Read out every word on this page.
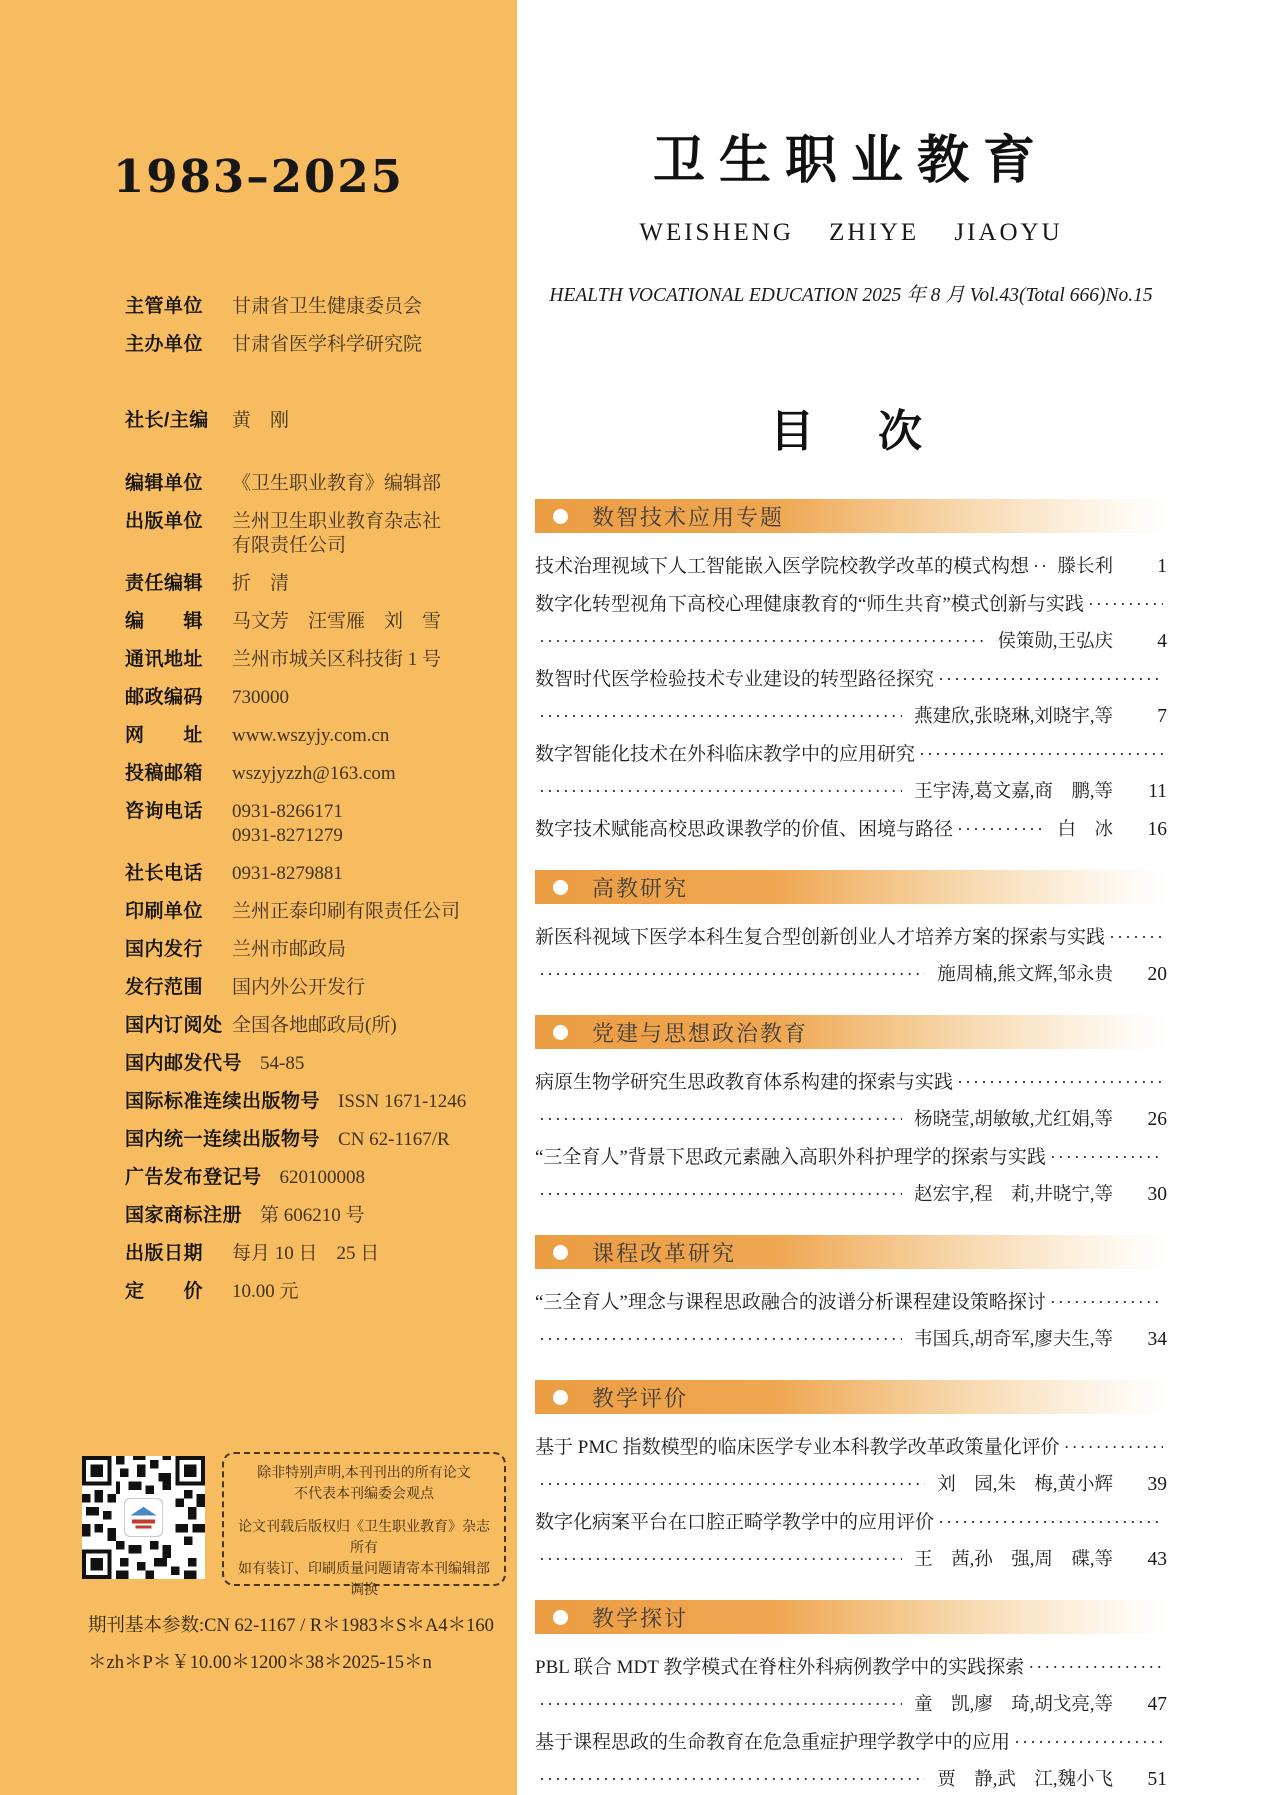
1983–2025
主管单位 甘肃省卫生健康委员会
主办单位 甘肃省医学科学研究院
社长/主编 黄　刚
编辑单位 《卫生职业教育》编辑部
出版单位 兰州卫生职业教育杂志社
有限责任公司
责任编辑 折　清
编　　辑 马文芳　汪雪雁　刘　雪
通讯地址 兰州市城关区科技街 1 号
邮政编码 730000
网　　址 www.wszyjy.com.cn
投稿邮箱 wszyjyzzh@163.com
咨询电话 0931-8266171
0931-8271279
社长电话 0931-8279881
印刷单位 兰州正泰印刷有限责任公司
国内发行 兰州市邮政局
发行范围 国内外公开发行
国内订阅处 全国各地邮政局(所)
国内邮发代号 54-85
国际标准连续出版物号 ISSN 1671-1246
国内统一连续出版物号 CN 62-1167/R
广告发布登记号 620100008
国家商标注册 第 606210 号
出版日期 每月 10 日　25 日
定　　价 10.00 元
除非特别声明,本刊刊出的所有论文
不代表本刊编委会观点
论文刊载后版权归《卫生职业教育》杂志所有
如有装订、印刷质量问题请寄本刊编辑部调换
期刊基本参数:CN 62-1167 / R＊1983＊S＊A4＊160
＊zh＊P＊￥10.00＊1200＊38＊2025-15＊n
卫生职业教育
WEISHENG ZHIYE JIAOYU
HEALTH VOCATIONAL EDUCATION 2025 年 8 月 Vol.43(Total 666)No.15
目　次
数智技术应用专题
技术治理视域下人工智能嵌入医学院校教学改革的模式构想 ····· 滕长利	1
数字化转型视角下高校心理健康教育的“师生共育”模式创新与实践
·····
·····
侯策勋,王弘庆	4
数智时代医学检验技术专业建设的转型路径探究
·····
·····
燕建欣,张晓琳,刘晓宇,等	7
数字智能化技术在外科临床教学中的应用研究
·····
·····
王宇涛,葛文嘉,商　鹏,等	11
数字技术赋能高校思政课教学的价值、困境与路径 ·····	白　冰	16
高教研究
新医科视域下医学本科生复合型创新创业人才培养方案的探索与实践
·····
·····
施周楠,熊文辉,邹永贵	20
党建与思想政治教育
病原生物学研究生思政教育体系构建的探索与实践
·····
·····
杨晓莹,胡敏敏,尤红娟,等	26
“三全育人”背景下思政元素融入高职外科护理学的探索与实践
·····
·····
赵宏宇,程　莉,井晓宁,等	30
课程改革研究
“三全育人”理念与课程思政融合的波谱分析课程建设策略探讨
·····
·····
韦国兵,胡奇军,廖夫生,等	34
教学评价
基于 PMC 指数模型的临床医学专业本科教学改革政策量化评价
·····
·····
刘　园,朱　梅,黄小辉	39
数字化病案平台在口腔正畸学教学中的应用评价
·····
·····
王　茜,孙　强,周　碟,等	43
教学探讨
PBL 联合 MDT 教学模式在脊柱外科病例教学中的实践探索
·····
·····
童　凯,廖　琦,胡戈亮,等	47
基于课程思政的生命教育在危急重症护理学教学中的应用
·····
·····
贾　静,武　江,魏小飞	51
